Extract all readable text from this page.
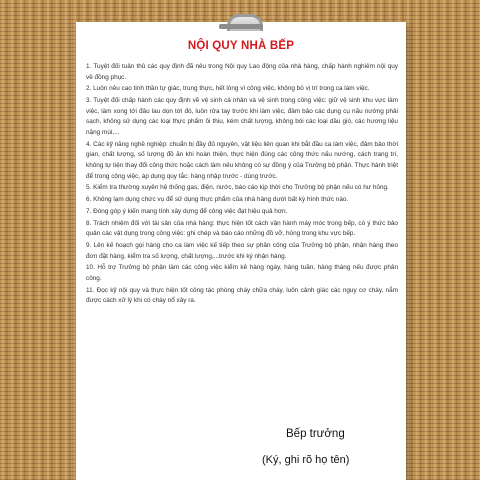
NỘI QUY NHÀ BẾP

1. Tuyệt đối tuân thủ các quy định đã nêu trong Nội quy Lao động của nhà hàng, chấp hành nghiêm nội quy về đồng phục.

2. Luôn nêu cao tinh thần tự giác, trung thực, hết lòng vì công việc, không bỏ vị trí trong ca làm việc.

3. Tuyệt đối chấp hành các quy định về vệ sinh cá nhân và vệ sinh trong công việc: giữ vệ sinh khu vực làm việc, làm xong tới đâu lau dọn tới đó, luôn rửa tay trước khi làm việc, đảm bảo các dụng cụ nấu nướng phải sạch, không sử dụng các loại thực phẩm ôi thiu, kém chất lượng, không bói các loại dầu gió, các hương liệu nặng mùi,...

4. Các kỹ năng nghề nghiệp: chuẩn bị đầy đủ nguyên, vật liệu liên quan khi bắt đầu ca làm việc, đảm bảo thời gian, chất lượng, số lượng đồ ăn khi hoàn thiện, thực hiện đúng các công thức nấu nướng, cách trang trí, không tự tiện thay đổi công thức hoặc cách làm nếu không có sự đồng ý của Trưởng bộ phận. Thực hành triệt để trong công việc, áp dụng quy tắc: hàng nhập trước - dùng trước.

5. Kiểm tra thường xuyên hệ thống gas, điện, nước, báo cáo kịp thời cho Trưởng bộ phận nếu có hư hỏng.

6. Không lạm dụng chức vụ để sử dụng thực phẩm của nhà hàng dưới bất kỳ hình thức nào.

7. Đóng góp ý kiến mang tính xây dựng để công việc đạt hiệu quả hơn.

8. Trách nhiệm đối với tài sản của nhà hàng: thực hiện tốt cách vận hành máy móc trong bếp, có ý thức bảo quản các vật dụng trong công việc: ghi chép và báo cáo những đồ vỡ, hỏng trong khu vực bếp.

9. Lên kế hoạch gọi hàng cho ca làm việc kế tiếp theo sự phân công của Trưởng bộ phận, nhận hàng theo đơn đặt hàng, kiểm tra số lượng, chất lượng,...trước khi ký nhận hàng.

10. Hỗ trợ Trưởng bộ phận làm các công việc kiểm kê hàng ngày, hàng tuần, hàng tháng nếu được phân công.

11. Đọc kỹ nội quy và thực hiện tốt công tác phòng cháy chữa cháy, luôn cảnh giác các nguy cơ cháy, nắm được cách xử lý khi có cháy nổ xảy ra.

Bếp trưởng
(Ký, ghi rõ họ tên)
